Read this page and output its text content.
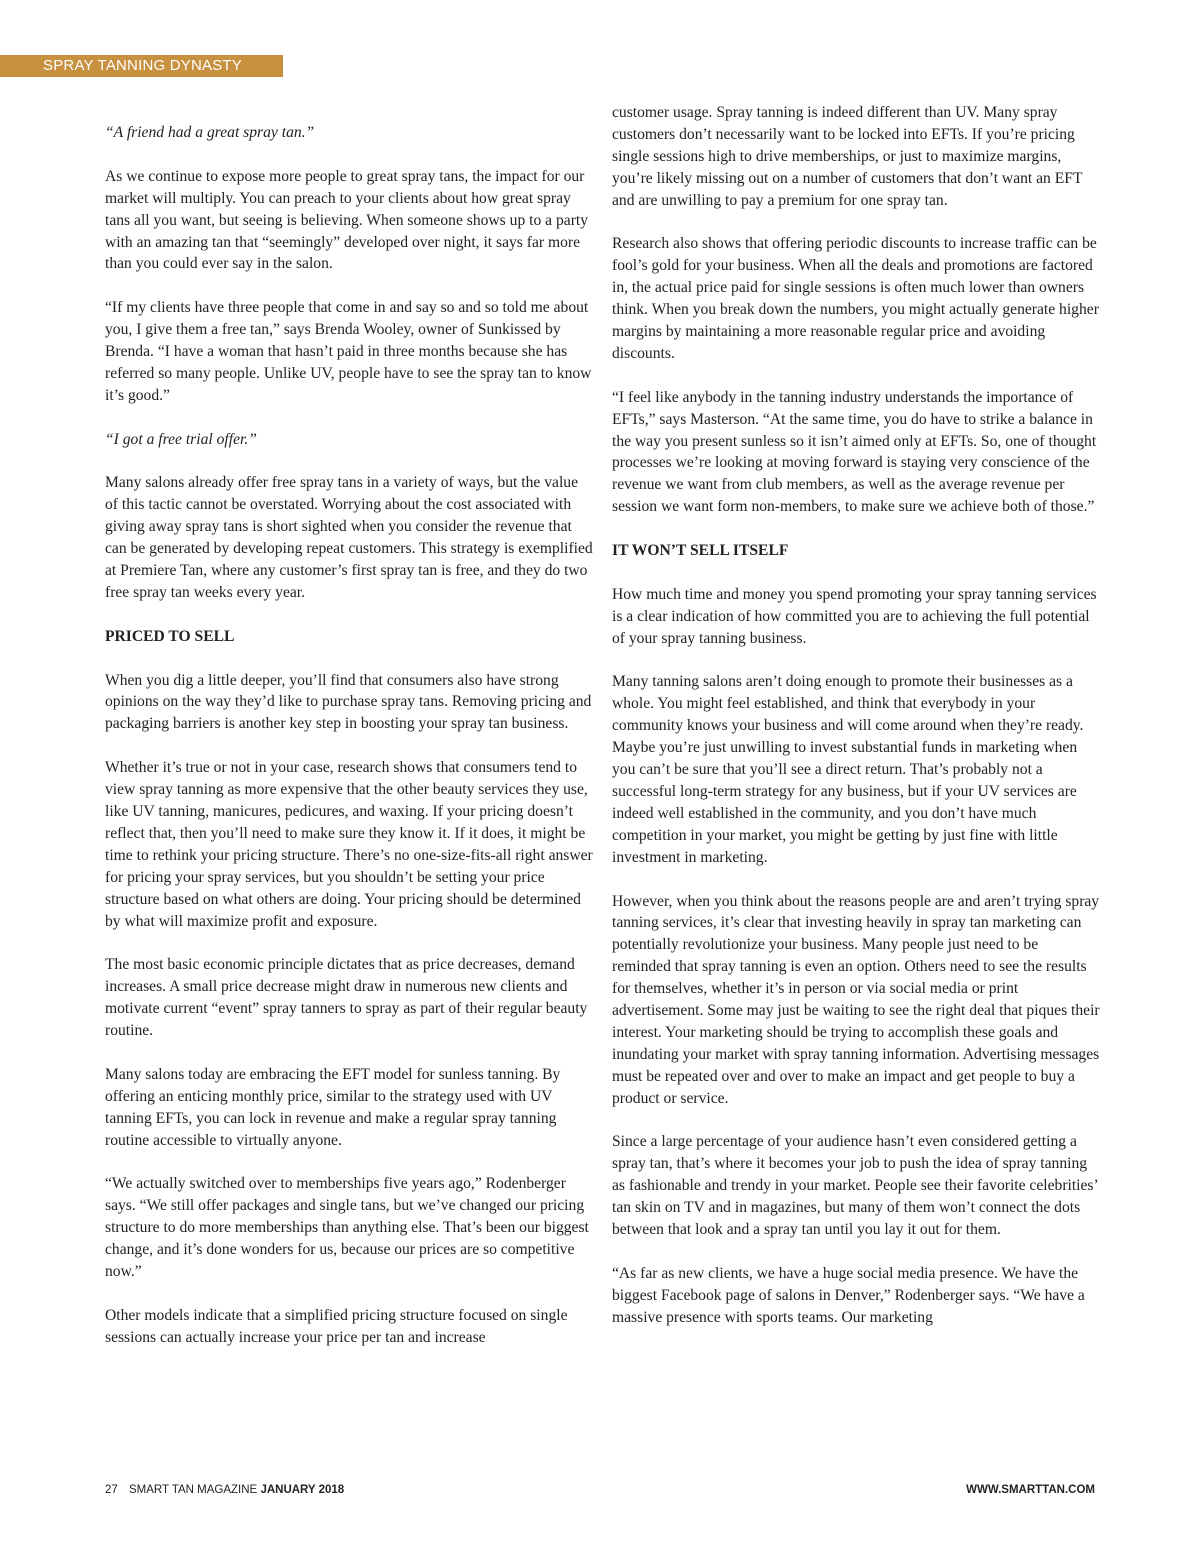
SPRAY TANNING DYNASTY

“A friend had a great spray tan.”

As we continue to expose more people to great spray tans, the impact for our market will multiply. You can preach to your clients about how great spray tans all you want, but seeing is believing. When someone shows up to a party with an amazing tan that “seemingly” developed over night, it says far more than you could ever say in the salon.

“If my clients have three people that come in and say so and so told me about you, I give them a free tan,” says Brenda Wooley, owner of Sunkissed by Brenda. “I have a woman that hasn’t paid in three months because she has referred so many people. Unlike UV, people have to see the spray tan to know it’s good.”

“I got a free trial offer.”

Many salons already offer free spray tans in a variety of ways, but the value of this tactic cannot be overstated. Worrying about the cost associated with giving away spray tans is short sighted when you consider the revenue that can be generated by developing repeat customers. This strategy is exemplified at Premiere Tan, where any customer’s first spray tan is free, and they do two free spray tan weeks every year.

PRICED TO SELL

When you dig a little deeper, you’ll find that consumers also have strong opinions on the way they’d like to purchase spray tans. Removing pricing and packaging barriers is another key step in boosting your spray tan business.

Whether it’s true or not in your case, research shows that consumers tend to view spray tanning as more expensive that the other beauty services they use, like UV tanning, manicures, pedicures, and waxing. If your pricing doesn’t reflect that, then you’ll need to make sure they know it. If it does, it might be time to rethink your pricing structure. There’s no one-size-fits-all right answer for pricing your spray services, but you shouldn’t be setting your price structure based on what others are doing. Your pricing should be determined by what will maximize profit and exposure.

The most basic economic principle dictates that as price decreases, demand increases. A small price decrease might draw in numerous new clients and motivate current “event” spray tanners to spray as part of their regular beauty routine.

Many salons today are embracing the EFT model for sunless tanning. By offering an enticing monthly price, similar to the strategy used with UV tanning EFTs, you can lock in revenue and make a regular spray tanning routine accessible to virtually anyone.

“We actually switched over to memberships five years ago,” Rodenberger says. “We still offer packages and single tans, but we’ve changed our pricing structure to do more memberships than anything else. That’s been our biggest change, and it’s done wonders for us, because our prices are so competitive now.”

Other models indicate that a simplified pricing structure focused on single sessions can actually increase your price per tan and increase

customer usage. Spray tanning is indeed different than UV. Many spray customers don’t necessarily want to be locked into EFTs. If you’re pricing single sessions high to drive memberships, or just to maximize margins, you’re likely missing out on a number of customers that don’t want an EFT and are unwilling to pay a premium for one spray tan.

Research also shows that offering periodic discounts to increase traffic can be fool’s gold for your business. When all the deals and promotions are factored in, the actual price paid for single sessions is often much lower than owners think. When you break down the numbers, you might actually generate higher margins by maintaining a more reasonable regular price and avoiding discounts.

“I feel like anybody in the tanning industry understands the importance of EFTs,” says Masterson. “At the same time, you do have to strike a balance in the way you present sunless so it isn’t aimed only at EFTs. So, one of thought processes we’re looking at moving forward is staying very conscience of the revenue we want from club members, as well as the average revenue per session we want form non-members, to make sure we achieve both of those.”

IT WON’T SELL ITSELF

How much time and money you spend promoting your spray tanning services is a clear indication of how committed you are to achieving the full potential of your spray tanning business.

Many tanning salons aren’t doing enough to promote their businesses as a whole. You might feel established, and think that everybody in your community knows your business and will come around when they’re ready. Maybe you’re just unwilling to invest substantial funds in marketing when you can’t be sure that you’ll see a direct return. That’s probably not a successful long-term strategy for any business, but if your UV services are indeed well established in the community, and you don’t have much competition in your market, you might be getting by just fine with little investment in marketing.

However, when you think about the reasons people are and aren’t trying spray tanning services, it’s clear that investing heavily in spray tan marketing can potentially revolutionize your business. Many people just need to be reminded that spray tanning is even an option. Others need to see the results for themselves, whether it’s in person or via social media or print advertisement. Some may just be waiting to see the right deal that piques their interest. Your marketing should be trying to accomplish these goals and inundating your market with spray tanning information. Advertising messages must be repeated over and over to make an impact and get people to buy a product or service.

Since a large percentage of your audience hasn’t even considered getting a spray tan, that’s where it becomes your job to push the idea of spray tanning as fashionable and trendy in your market. People see their favorite celebrities’ tan skin on TV and in magazines, but many of them won’t connect the dots between that look and a spray tan until you lay it out for them.

“As far as new clients, we have a huge social media presence. We have the biggest Facebook page of salons in Denver,” Rodenberger says. “We have a massive presence with sports teams. Our marketing

27 SMART TAN MAGAZINE JANUARY 2018	WWW.SMARTTAN.COM
